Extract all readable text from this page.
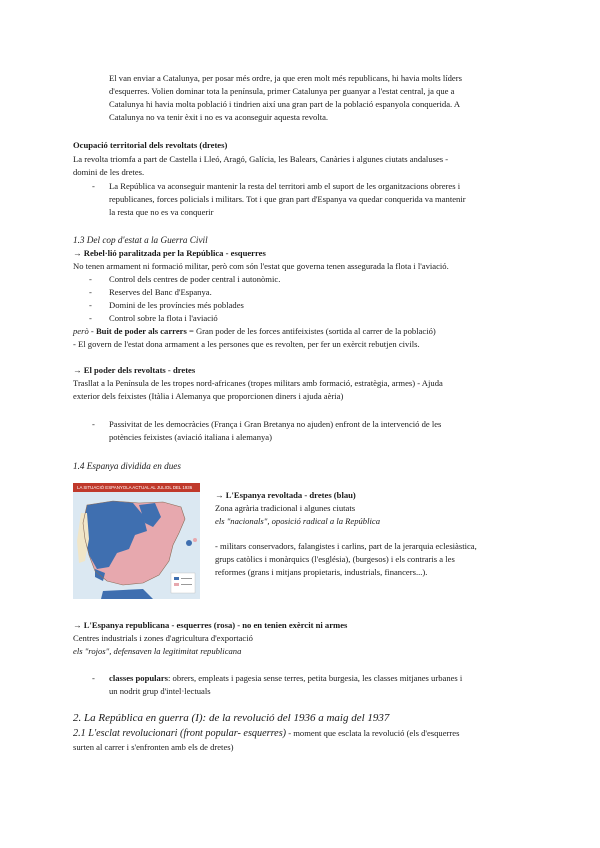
El van enviar a Catalunya, per posar més ordre, ja que eren molt més republicans, hi havia molts líders

d'esquerres. Volien dominar tota la península, primer Catalunya per guanyar a l'estat central, ja que a

Catalunya hi havia molta població i tindrien així una gran part de la població espanyola conquerida. A

Catalunya no va tenir èxit i no es va aconseguir aquesta revolta.

Ocupació territorial dels revoltats (dretes)

La revolta triomfa a part de Castella i Lleó, Aragó, Galícia, les Balears, Canàries i algunes ciutats andaluses -

domini de les dretes.

- La República va aconseguir mantenir la resta del territori amb el suport de les organitzacions obreres i

republicanes, forces policials i militars. Tot i que gran part d'Espanya va quedar conquerida va mantenir

la resta que no es va conquerir

1.3 Del cop d'estat a la Guerra Civil

→ Rebel·lió paralitzada per la República - esquerres

No tenen armament ni formació militar, però com són l'estat que governa tenen assegurada la flota i l'aviació.

- Control dels centres de poder central i autonòmic.
- Reserves del Banc d'Espanya.
- Domini de les províncies més poblades
- Control sobre la flota i l'aviació

però - Buit de poder als carrers = Gran poder de les forces antifeixistes (sortida al carrer de la població)

- El govern de l'estat dona armament a les persones que es revolten, per fer un exèrcit rebutjen civils.

→ El poder dels revoltats - dretes

Trasllat a la Península de les tropes nord-africanes (tropes militars amb formació, estratègia, armes) - Ajuda

exterior dels feixistes (Itàlia i Alemanya que proporcionen diners i ajuda aèria)

- Passivitat de les democràcies (França i Gran Bretanya no ajuden) enfront de la intervenció de les

potències feixistes (aviació italiana i alemanya)

1.4 Espanya dividida en dues

LA SITUACIÓ ESPANYOLA ACTUAL AL JULIOL DEL 1936

→ L'Espanya revoltada - dretes (blau)

Zona agrària tradicional i algunes ciutats

els "nacionals", oposició radical a la República

- militars conservadors, falangistes i carlins, part de la jerarquia eclesiàstica,

grups catòlics i monàrquics (l'església), (burgesos) i els contraris a les

reformes (grans i mitjans propietaris, industrials, financers...).

→ L'Espanya republicana - esquerres (rosa) - no en tenien exèrcit ni armes

Centres industrials i zones d'agricultura d'exportació

els "rojos", defensaven la legitimitat republicana

- classes populars: obrers, empleats i pagesia sense terres, petita burgesia, les classes mitjanes urbanes i

un nodrit grup d'intel·lectuals

2. La República en guerra (I): de la revolució del 1936 a maig del 1937

2.1 L'esclat revolucionari (front popular- esquerres) - moment que esclata la revolució (els d'esquerres

surten al carrer i s'enfronten amb els de dretes)
